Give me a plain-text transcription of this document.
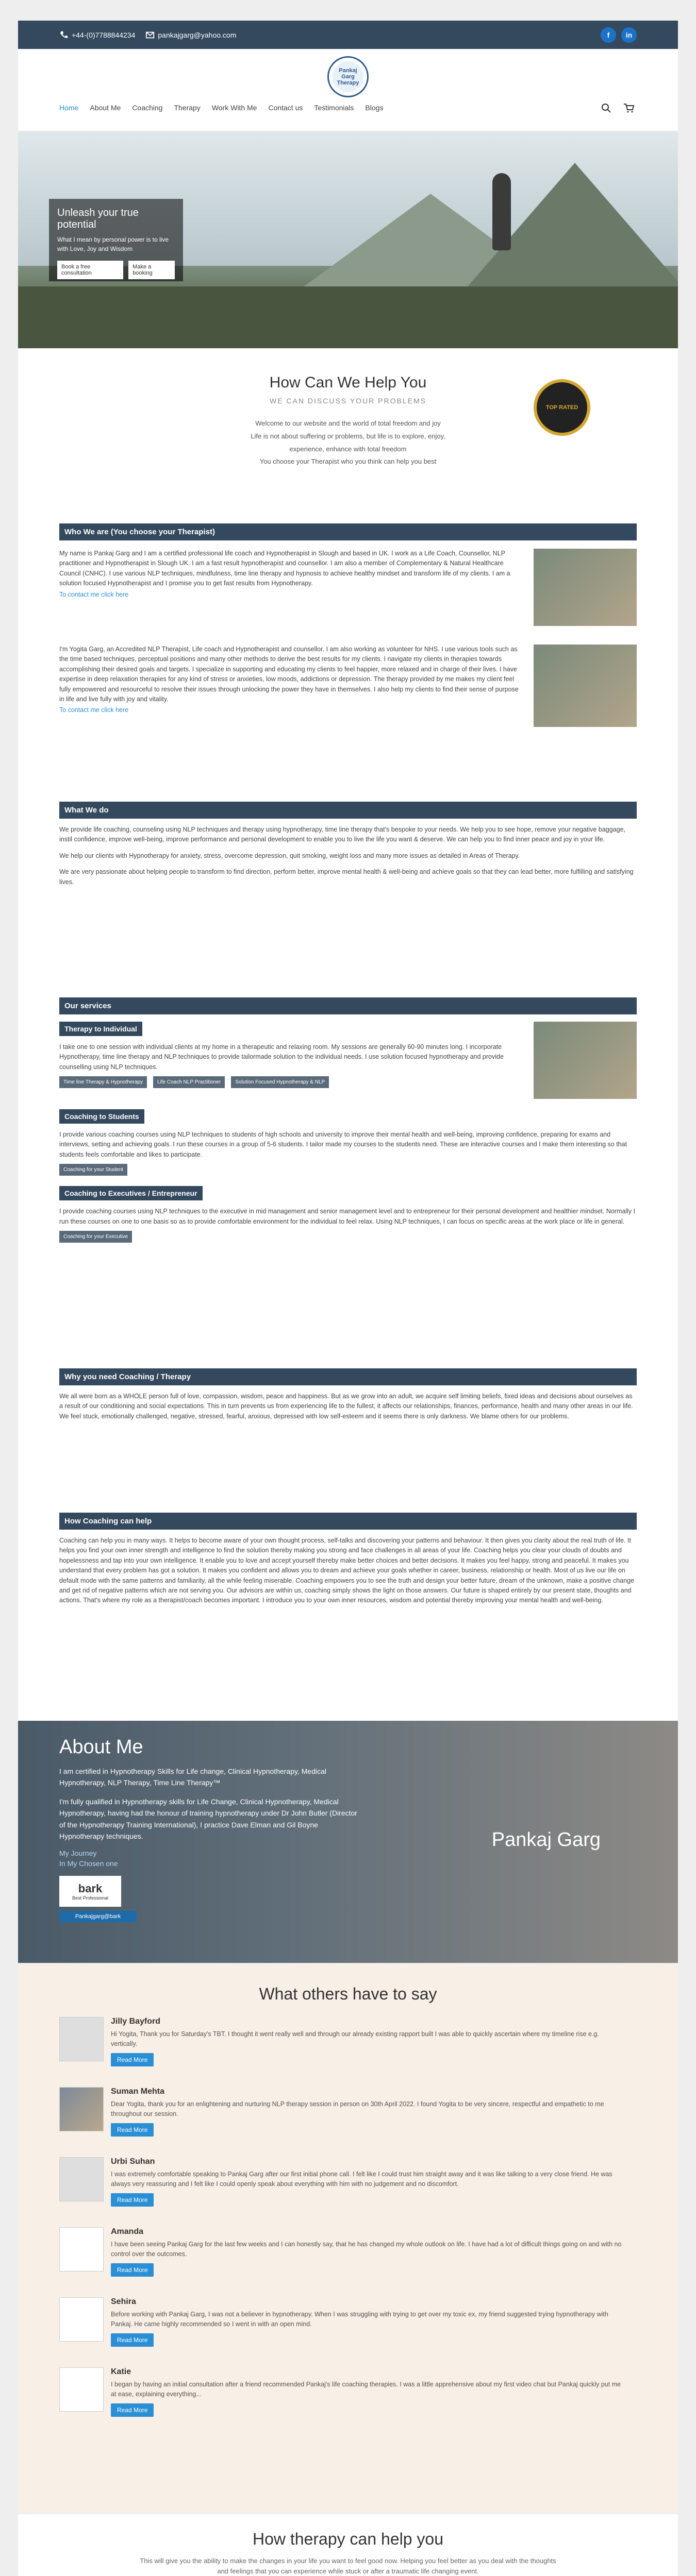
+44-(0)7788844234	pankajgarg@yahoo.com	f	in
Pankaj Garg Therapy
Home About Me Coaching Therapy Work With Me Contact us Testimonials Blogs
Unleash your true potential

What I mean by personal power is to live with Love, Joy and Wisdom

Book a free consultation
Make a booking
How Can We Help You
WE CAN DISCUSS YOUR PROBLEMS

Welcome to our website and the world of total freedom and joy

Life is not about suffering or problems, but life is to explore, enjoy,

experience, enhance with total freedom

You choose your Therapist who you think can help you best

TOP RATED
Who We are (You choose your Therapist)

My name is Pankaj Garg and I am a certified professional life coach and Hypnotherapist in Slough and based in UK. I work as a Life Coach, Counsellor, NLP practitioner and Hypnotherapist in Slough UK. I am a fast result hypnotherapist and counsellor. I am also a member of Complementary & Natural Healthcare Council (CNHC). I use various NLP techniques, mindfulness, time line therapy and hypnosis to achieve healthy mindset and transform life of my clients. I am a solution focused Hypnotherapist and I promise you to get fast results from Hypnotherapy.

To contact me click here

I'm Yogita Garg, an Accredited NLP Therapist, Life coach and Hypnotherapist and counsellor. I am also working as volunteer for NHS. I use various tools such as the time based techniques, perceptual positions and many other methods to derive the best results for my clients. I navigate my clients in therapies towards accomplishing their desired goals and targets. I specialize in supporting and educating my clients to feel happier, more relaxed and in charge of their lives. I have expertise in deep relaxation therapies for any kind of stress or anxieties, low moods, addictions or depression. The therapy provided by me makes my client feel fully empowered and resourceful to resolve their issues through unlocking the power they have in themselves. I also help my clients to find their sense of purpose in life and live fully with joy and vitality.

To contact me click here

What We do

We provide life coaching, counseling using NLP techniques and therapy using hypnotherapy, time line therapy that's bespoke to your needs. We help you to see hope, remove your negative baggage, instil confidence, improve well-being, improve performance and personal development to enable you to live the life you want & deserve. We can help you to find inner peace and joy in your life.

We help our clients with Hypnotherapy for anxiety, stress, overcome depression, quit smoking, weight loss and many more issues as detailed in Areas of Therapy.

We are very passionate about helping people to transform to find direction, perform better, improve mental health & well-being and achieve goals so that they can lead better, more fulfilling and satisfying lives.

Our services
Therapy to Individual

I take one to one session with individual clients at my home in a therapeutic and relaxing room. My sessions are generally 60-90 minutes long. I incorporate Hypnotherapy, time line therapy and NLP techniques to provide tailormade solution to the individual needs. I use solution focused hypnotherapy and provide counselling using NLP techniques.

Time line Therapy & Hypnotherapy	Life Coach NLP Practitioner	Solution Focused Hypnotherapy & NLP
Coaching to Students

I provide various coaching courses using NLP techniques to students of high schools and university to improve their mental health and well-being, improving confidence, preparing for exams and interviews, setting and achieving goals. I run these courses in a group of 5-6 students. I tailor made my courses to the students need. These are interactive courses and I make them interesting so that students feels comfortable and likes to participate.

Coaching for your Student
Coaching to Executives / Entrepreneur

I provide coaching courses using NLP techniques to the executive in mid management and senior management level and to entrepreneur for their personal development and healthier mindset. Normally I run these courses on one to one basis so as to provide comfortable environment for the individual to feel relax. Using NLP techniques, I can focus on specific areas at the work place or life in general.

Coaching for your Executive
Why you need Coaching / Therapy

We all were born as a WHOLE person full of love, compassion, wisdom, peace and happiness. But as we grow into an adult, we acquire self limiting beliefs, fixed ideas and decisions about ourselves as a result of our conditioning and social expectations. This in turn prevents us from experiencing life to the fullest, it affects our relationships, finances, performance, health and many other areas in our life. We feel stuck, emotionally challenged, negative, stressed, fearful, anxious, depressed with low self-esteem and it seems there is only darkness. We blame others for our problems.

How Coaching can help

Coaching can help you in many ways. It helps to become aware of your own thought process, self-talks and discovering your patterns and behaviour. It then gives you clarity about the real truth of life. It helps you find your own inner strength and intelligence to find the solution thereby making you strong and face challenges in all areas of your life. Coaching helps you clear your clouds of doubts and hopelessness and tap into your own intelligence. It enable you to love and accept yourself thereby make better choices and better decisions. It makes you feel happy, strong and peaceful. It makes you understand that every problem has got a solution. It makes you confident and allows you to dream and achieve your goals whether in career, business, relationship or health. Most of us live our life on default mode with the same patterns and familiarity, all the while feeling miserable. Coaching empowers you to see the truth and design your better future, dream of the unknown, make a positive change and get rid of negative patterns which are not serving you. Our advisors are within us, coaching simply shows the light on those answers. Our future is shaped entirely by our present state, thoughts and actions. That's where my role as a therapist/coach becomes important. I introduce you to your own inner resources, wisdom and potential thereby improving your mental health and well-being.

About Me

I am certified in Hypnotherapy Skills for Life change, Clinical Hypnotherapy, Medical Hypnotherapy, NLP Therapy, Time Line Therapy™

I'm fully qualified in Hypnotherapy skills for Life Change, Clinical Hypnotherapy, Medical Hypnotherapy, having had the honour of training hypnotherapy under Dr John Butler (Director of the Hypnotherapy Training International), I practice Dave Elman and Gil Boyne Hypnotherapy techniques.

My Journey
In My Chosen one
bark
Best Professional
Pankajgarg@bark
Pankaj Garg
What others have to say
Jilly Bayford

Hi Yogita, Thank you for Saturday's TBT. I thought it went really well and through our already existing rapport built I was able to quickly ascertain where my timeline rise e.g. vertically.

Read More
Suman Mehta

Dear Yogita, thank you for an enlightening and nurturing NLP therapy session in person on 30th April 2022. I found Yogita to be very sincere, respectful and empathetic to me throughout our session.

Read More
Urbi Suhan

I was extremely comfortable speaking to Pankaj Garg after our first initial phone call. I felt like I could trust him straight away and it was like talking to a very close friend. He was always very reassuring and I felt like I could openly speak about everything with him with no judgement and no discomfort.

Read More
Amanda

I have been seeing Pankaj Garg for the last few weeks and I can honestly say, that he has changed my whole outlook on life. I have had a lot of difficult things going on and with no control over the outcomes.

Read More
Sehira

Before working with Pankaj Garg, I was not a believer in hypnotherapy. When I was struggling with trying to get over my toxic ex, my friend suggested trying hypnotherapy with Pankaj. He came highly recommended so I went in with an open mind.

Read More
Katie

I began by having an initial consultation after a friend recommended Pankaj's life coaching therapies. I was a little apprehensive about my first video chat but Pankaj quickly put me at ease, explaining everything...

Read More
How therapy can help you

This will give you the ability to make the changes in your life you want to feel good now. Helping you feel better as you deal with the thoughts and feelings that you can experience while stuck or after a traumatic life changing event.
